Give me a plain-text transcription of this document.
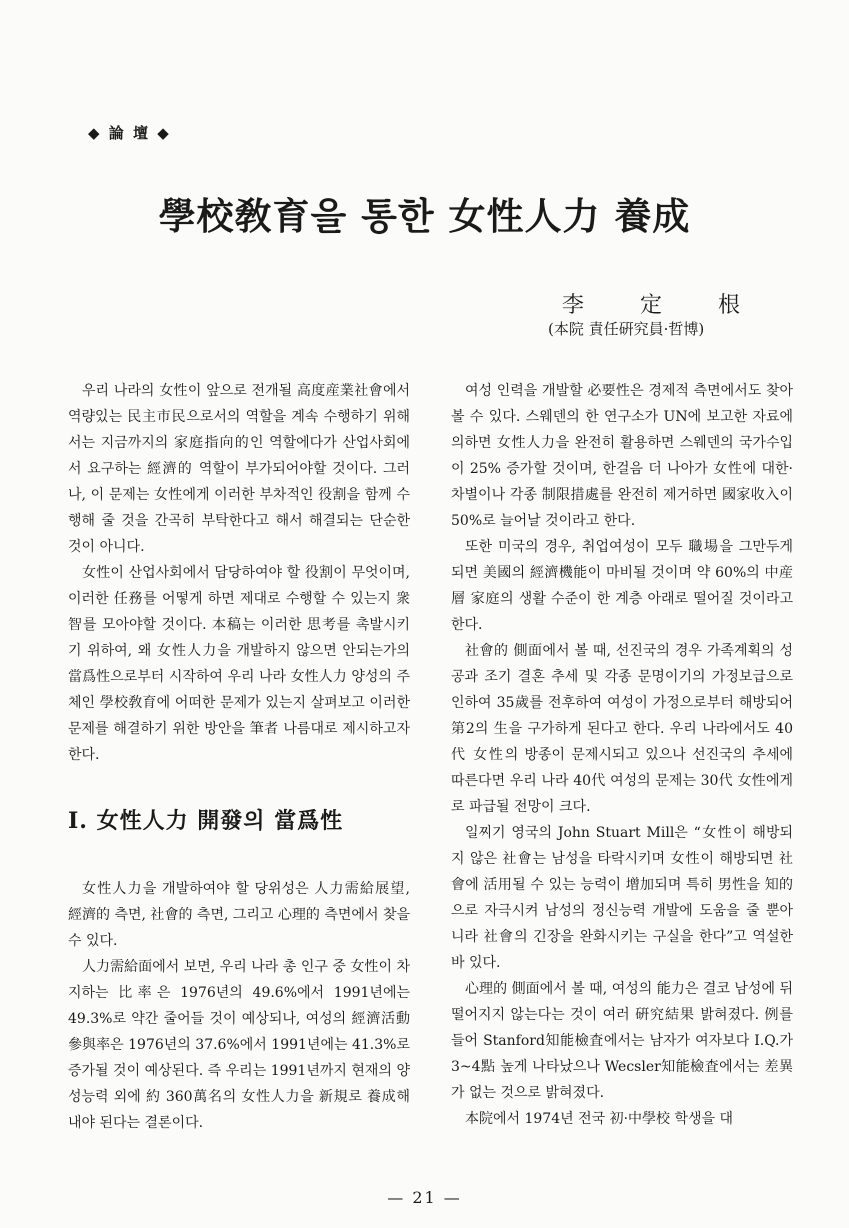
◆ 論 壇 ◆
學校敎育을 통한 女性人力 養成
李 定 根
(本院 責任硏究員·哲博)

우리 나라의 女性이 앞으로 전개될 高度産業社會에서 역량있는 民主市民으로서의 역할을 계속 수행하기 위해서는 지금까지의 家庭指向的인 역할에다가 산업사회에서 요구하는 經濟的 역할이 부가되어야할 것이다. 그러나, 이 문제는 女性에게 이러한 부차적인 役割을 함께 수행해 줄 것을 간곡히 부탁한다고 해서 해결되는 단순한 것이 아니다.

女性이 산업사회에서 담당하여야 할 役割이 무엇이며, 이러한 任務를 어떻게 하면 제대로 수행할 수 있는지 衆智를 모아야할 것이다. 本稿는 이러한 思考를 촉발시키기 위하여, 왜 女性人力을 개발하지 않으면 안되는가의 當爲性으로부터 시작하여 우리 나라 女性人力 양성의 주체인 學校敎育에 어떠한 문제가 있는지 살펴보고 이러한 문제를 해결하기 위한 방안을 筆者 나름대로 제시하고자 한다.

Ⅰ. 女性人力 開發의 當爲性

女性人力을 개발하여야 할 당위성은 人力需給展望, 經濟的 측면, 社會的 측면, 그리고 心理的 측면에서 찾을 수 있다.

人力需給面에서 보면, 우리 나라 총 인구 중 女性이 차지하는 比率은 1976년의 49.6%에서 1991년에는 49.3%로 약간 줄어들 것이 예상되나, 여성의 經濟活動 參與率은 1976년의 37.6%에서 1991년에는 41.3%로 증가될 것이 예상된다. 즉 우리는 1991년까지 현재의 양성능력 외에 約 360萬名의 女性人力을 新規로 養成해내야 된다는 결론이다.

여성 인력을 개발할 必要性은 경제적 측면에서도 찾아볼 수 있다. 스웨덴의 한 연구소가 UN에 보고한 자료에 의하면 女性人力을 완전히 활용하면 스웨덴의 국가수입이 25% 증가할 것이며, 한걸음 더 나아가 女性에 대한·차별이나 각종 制限措處를 완전히 제거하면 國家收入이 50%로 늘어날 것이라고 한다.

또한 미국의 경우, 취업여성이 모두 職場을 그만두게 되면 美國의 經濟機能이 마비될 것이며 약 60%의 中産層 家庭의 생활 수준이 한 계층 아래로 떨어질 것이라고 한다.

社會的 側面에서 볼 때, 선진국의 경우 가족계획의 성공과 조기 결혼 추세 및 각종 문명이기의 가정보급으로 인하여 35歲를 전후하여 여성이 가정으로부터 해방되어 第2의 生을 구가하게 된다고 한다. 우리 나라에서도 40代 女性의 방종이 문제시되고 있으나 선진국의 추세에 따른다면 우리 나라 40代 여성의 문제는 30代 女性에게로 파급될 전망이 크다.

일찌기 영국의 John Stuart Mill은 “女性이 해방되지 않은 社會는 남성을 타락시키며 女性이 해방되면 社會에 活用될 수 있는 능력이 增加되며 특히 男性을 知的으로 자극시켜 남성의 정신능력 개발에 도움을 줄 뿐아니라 社會의 긴장을 완화시키는 구실을 한다”고 역설한 바 있다.

心理的 側面에서 볼 때, 여성의 能力은 결코 남성에 뒤떨어지지 않는다는 것이 여러 硏究結果 밝혀졌다. 例를 들어 Stanford知能檢査에서는 남자가 여자보다 I.Q.가 3~4點 높게 나타났으나 Wecsler知能檢査에서는 差異가 없는 것으로 밝혀졌다.

本院에서 1974년 전국 初·中學校 학생을 대

— 21 —
